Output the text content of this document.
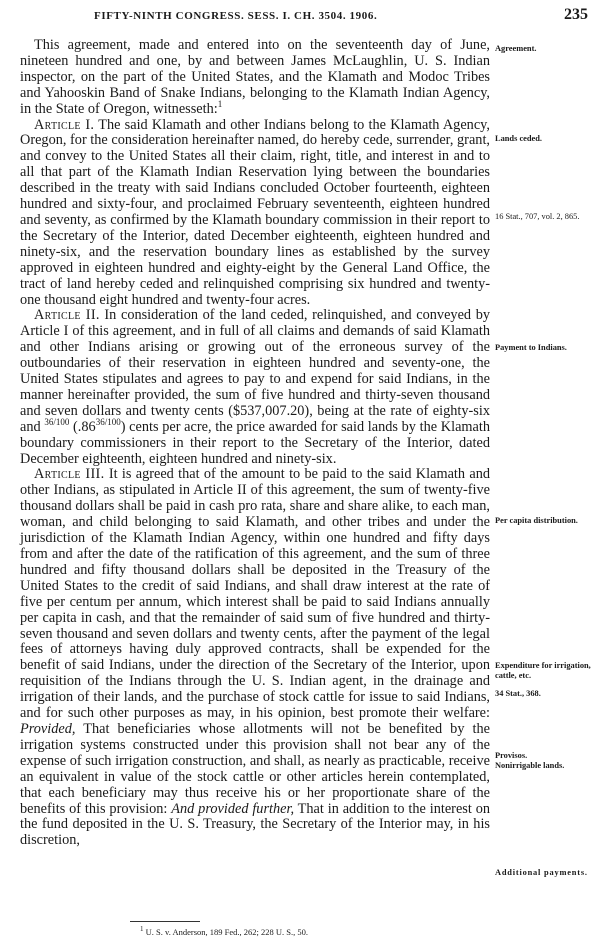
FIFTY-NINTH CONGRESS. SESS. I. CH. 3504. 1906.	235

This agreement, made and entered into on the seventeenth day of June, nineteen hundred and one, by and between James McLaughlin, U. S. Indian inspector, on the part of the United States, and the Klamath and Modoc Tribes and Yahooskin Band of Snake Indians, belonging to the Klamath Indian Agency, in the State of Oregon, witnesseth:$^1$

Article I. The said Klamath and other Indians belong to the Klamath Agency, Oregon, for the consideration hereinafter named, do hereby cede, surrender, grant, and convey to the United States all their claim, right, title, and interest in and to all that part of the Klamath Indian Reservation lying between the boundaries described in the treaty with said Indians concluded October fourteenth, eighteen hundred and sixty-four, and proclaimed February seventeenth, eighteen hundred and seventy, as confirmed by the Klamath boundary commission in their report to the Secretary of the Interior, dated December eighteenth, eighteen hundred and ninety-six, and the reservation boundary lines as established by the survey approved in eighteen hundred and eighty-eight by the General Land Office, the tract of land hereby ceded and relinquished comprising six hundred and twenty-one thousand eight hundred and twenty-four acres.

Article II. In consideration of the land ceded, relinquished, and conveyed by Article I of this agreement, and in full of all claims and demands of said Klamath and other Indians arising or growing out of the erroneous survey of the outboundaries of their reservation in eighteen hundred and seventy-one, the United States stipulates and agrees to pay to and expend for said Indians, in the manner hereinafter provided, the sum of five hundred and thirty-seven thousand and seven dollars and twenty cents ($537,007.20), being at the rate of eighty-six and $^{36/100}$ $(.86^{36/100})$ cents per acre, the price awarded for said lands by the Klamath boundary commissioners in their report to the Secretary of the Interior, dated December eighteenth, eighteen hundred and ninety-six.

Article III. It is agreed that of the amount to be paid to the said Klamath and other Indians, as stipulated in Article II of this agreement, the sum of twenty-five thousand dollars shall be paid in cash pro rata, share and share alike, to each man, woman, and child belonging to said Klamath, and other tribes and under the jurisdiction of the Klamath Indian Agency, within one hundred and fifty days from and after the date of the ratification of this agreement, and the sum of three hundred and fifty thousand dollars shall be deposited in the Treasury of the United States to the credit of said Indians, and shall draw interest at the rate of five per centum per annum, which interest shall be paid to said Indians annually per capita in cash, and that the remainder of said sum of five hundred and thirty-seven thousand and seven dollars and twenty cents, after the payment of the legal fees of attorneys having duly approved contracts, shall be expended for the benefit of said Indians, under the direction of the Secretary of the Interior, upon requisition of the Indians through the U. S. Indian agent, in the drainage and irrigation of their lands, and the purchase of stock cattle for issue to said Indians, and for such other purposes as may, in his opinion, best promote their welfare: Provided, That beneficiaries whose allotments will not be benefited by the irrigation systems constructed under this provision shall not bear any of the expense of such irrigation construction, and shall, as nearly as practicable, receive an equivalent in value of the stock cattle or other articles herein contemplated, that each beneficiary may thus receive his or her proportionate share of the benefits of this provision: And provided further, That in addition to the interest on the fund deposited in the U. S. Treasury, the Secretary of the Interior may, in his discretion,

Agreement.
Lands ceded.
16 Stat., 707, vol. 2, 865.
Payment to Indians.
Per capita distribution.
Expenditure for irrigation, cattle, etc.
34 Stat., 368.
Provisos.
Nonirrigable lands.
Additional payments.
$^1$ U. S. v. Anderson, 189 Fed., 262; 228 U. S., 50.
